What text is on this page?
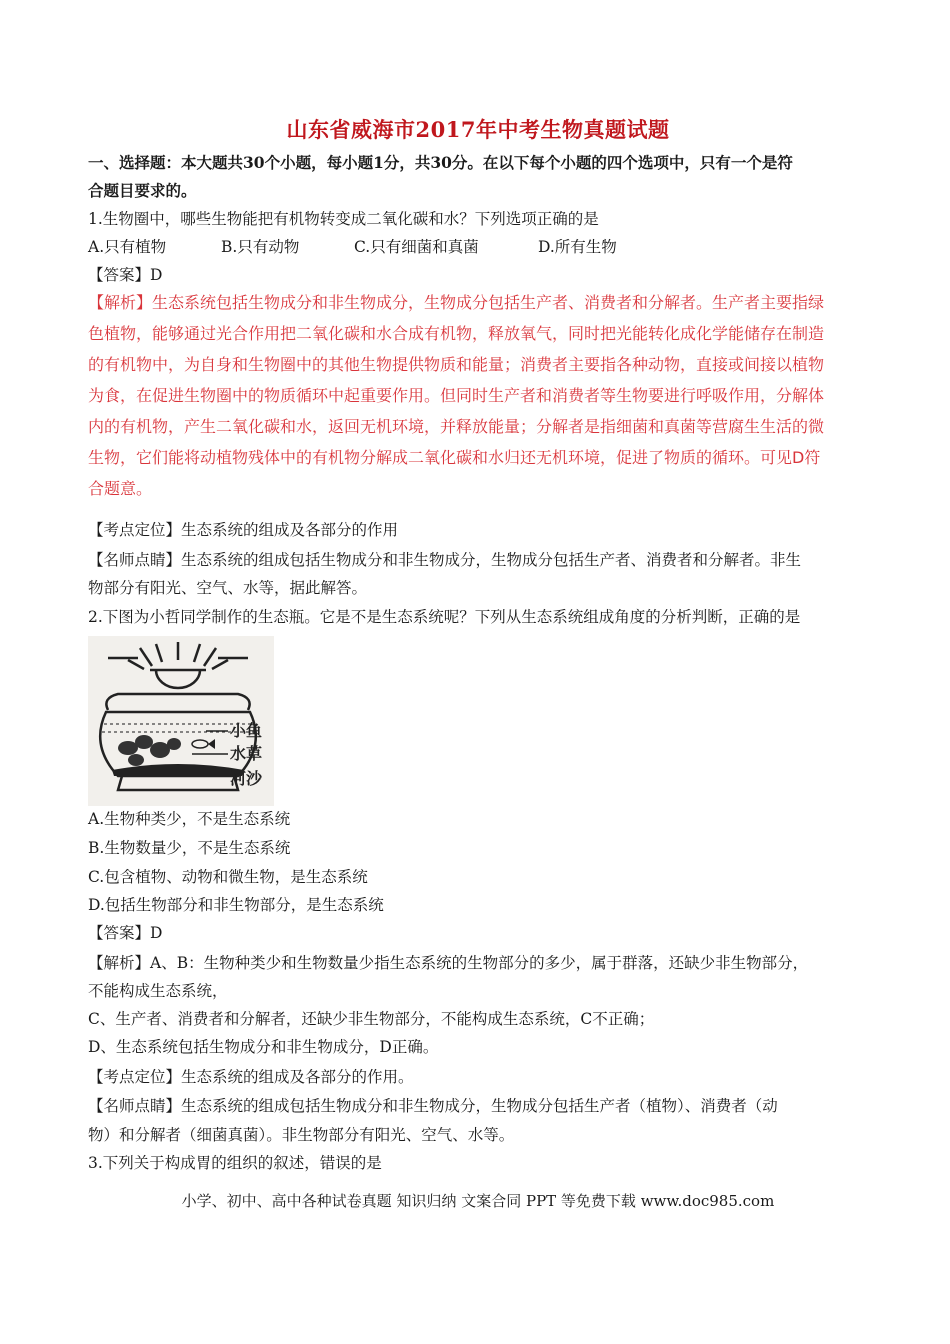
山东省威海市2017年中考生物真题试题
一、选择题：本大题共30个小题，每小题1分，共30分。在以下每个小题的四个选项中，只有一个是符
合题目要求的。
1.生物圈中，哪些生物能把有机物转变成二氧化碳和水？下列选项正确的是
A.只有植物	B.只有动物	C.只有细菌和真菌	D.所有生物
【答案】D
【解析】生态系统包括生物成分和非生物成分，生物成分包括生产者、消费者和分解者。生产者主要指绿
色植物，能够通过光合作用把二氧化碳和水合成有机物，释放氧气，同时把光能转化成化学能储存在制造
的有机物中，为自身和生物圈中的其他生物提供物质和能量；消费者主要指各种动物，直接或间接以植物
为食，在促进生物圈中的物质循环中起重要作用。但同时生产者和消费者等生物要进行呼吸作用，分解体
内的有机物，产生二氧化碳和水，返回无机环境，并释放能量；分解者是指细菌和真菌等营腐生生活的微
生物，它们能将动植物残体中的有机物分解成二氧化碳和水归还无机环境，促进了物质的循环。可见D符
合题意。
【考点定位】生态系统的组成及各部分的作用
【名师点睛】生态系统的组成包括生物成分和非生物成分，生物成分包括生产者、消费者和分解者。非生
物部分有阳光、空气、水等，据此解答。
2.下图为小哲同学制作的生态瓶。它是不是生态系统呢？下列从生态系统组成角度的分析判断，正确的是
小鱼
水草
河沙
A.生物种类少，不是生态系统
B.生物数量少，不是生态系统
C.包含植物、动物和微生物，是生态系统
D.包括生物部分和非生物部分，是生态系统
【答案】D
【解析】A、B：生物种类少和生物数量少指生态系统的生物部分的多少，属于群落，还缺少非生物部分，
不能构成生态系统，
C、生产者、消费者和分解者，还缺少非生物部分，不能构成生态系统，C不正确；
D、生态系统包括生物成分和非生物成分，D正确。
【考点定位】生态系统的组成及各部分的作用。
【名师点睛】生态系统的组成包括生物成分和非生物成分，生物成分包括生产者（植物）、消费者（动
物）和分解者（细菌真菌）。非生物部分有阳光、空气、水等。
3.下列关于构成胃的组织的叙述，错误的是
小学、初中、高中各种试卷真题 知识归纳 文案合同 PPT 等免费下载 www.doc985.com
